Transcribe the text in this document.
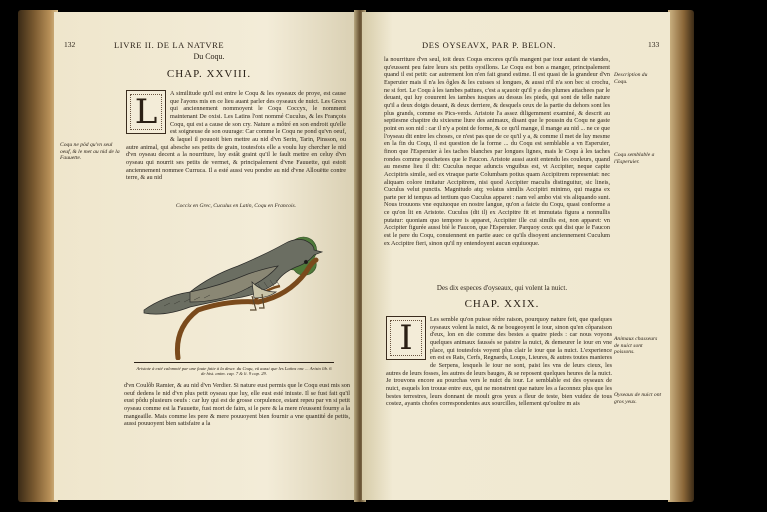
132	LIVRE II. DE LA NATVRE
Du Coqu.
CHAP. XXVIII.
L	A similitude qu'il est entre le Coqu & les oyseaux de proye, est cause que l'ayons mis en ce lieu auant parler des oyseaux de nuict. Les Grecs qui anciennement nommoyent le Coqu Coccyx, le nomment maintenant De oxisi. Les Latins l'ont nommé Cuculus, & les François Coqu, qui est a cause de son cry. Nature a môtré en son endroit qu'elle est soigneuse de son ouurage: Car comme le Coqu ne pond qu'vn oeuf, & laquel il pouuoit bien mettre au nid d'vn Serin, Tarin, Pinsson, ou autre animal, qui abesche ses petits de grain, toutesfois elle a voulu luy chercher le nid d'vn oyseau decent a la nourriture, luy estât graint qu'il le fault mettre en celuy d'vn oyseau qui nourrit ses petits de vermet, & principalement d'vne Fauuette, qui estoit anciennement nommee Curruca. Il a esté aussi veu pondre au nid d'vne Allouëtte contre terre, & au nid
Coqu ne pôd qu'vn seul oeuf, & le met au nid de la Fauuette.
Coccix en Grec, Cuculus en Latin, Coqu en Francois.
Aristote à esté calomnié par une faute faite à la descr. du Coqu, vû aussi que les Latins onc ... Aristo lib. 6 de hist. anim. cap. 7 & li. 9 cap. 29.
d'vn Coulôb Ramier, & au nid d'vn Verdier. Si nature eust permis que le Coqu eust mis son oeuf dedens le nid d'vn plus petit oyseau que luy, elle eust esté iniuste. Il se fust fait qu'il eust pôdu plusieurs oeufs : car luy qui est de grosse corpulence, estant repeu par vn si petit oyseau comme est la Fauuette, fust mort de faim, si le pere & la mere n'eussent fourny a la mangeaille. Mais comme les pere & mere pouuoyent bien fournir a vne quantité de petits, aussi pouuoyent bien satisfaire a la
DES OYSEAVX, PAR P. BELON.	133
la nourriture d'vn seul, ioit deux Coqus encores qu'ils mangent par iour autant de viandes, qu'eussent peu faire leurs six petits oysillons. Le Coqu est bon a manger, principalement quand il est petit: car autrement lon n'en fait grand estime. Il est quasi de la grandeur d'vn Esperuier mais il n'a les ôgles & les cuisses si longues, & aussi n'il n'a son bec si crochu, ne si fort. Le Coqu à les iambes pattues, c'est a sçauoir qu'il y a des plumes attachees par le deuant, qui luy couurent les iambes iusques au dessus les pieds, qui sont de telle nature qu'il a deux doigts deuant, & deux derriere, & desquels ceux de la partie du dehors sont les plus grands, comme es Pics-verds. Aristote l'a assez diligemment examiné, & descrit au septiesme chapitre du sixiesme liure des animaux, disant que le poussin du Coqu ne gaste point en son nid : car il n'y a point de forme, & ce qu'il mange, il mange au nid ... ne ce que l'oyseau dit entre les choses, ce n'est pas que de ce qu'il y a, & comme il met de luy mesme en la fin du Coqu, il est question de la forme ... du Coqu est semblable a vn Esperuier, finon que l'Esperuier à les taches blanches par longues lignes, mais le Coqu à les taches rondes comme pouchetees que le Faucon. Aristote aussi auoit entendu les couleurs, quand au mesme lieu il dit: Cuculus neque aduncis vnguibus est, vt Accipiter, neque capite Accipitris simile, sed ex vtraque parte Columbam potius quam Accipitrem representat: nec aliquam colore imitatur Accipitrem, nisi quod Accipiter maculis distinguitur, sic lineis, Cuculus velut punctis. Magnitudo atq; volatus similis Accipitri minimo, qui magna ex parte per id tempus ad tertium quo Cuculus apparet : nam vel ambo visi vis aliquando sunt. Nous trouuons vne equiuoque en nostre langue, qu'on a faicte du Coqu, quasi conforme a ce qu'on lit en Aristote. Cuculus (dit il) ex Accipitre fit et immutata figura a nonnullis putatur: quoniam quo tempore is apparet, Accipiter ille cui similis est, non apparet: vn Accipiter figurée aussi bié le Faucon, que l'Esperuier. Parquoy ceux qui dist que le Faucon est le pere du Coqu, conuiennent en partie auec ce qu'ils disoyent anciennement Cuculum ex Accipitre fieri, sinon qu'il ny entendoyent aucun equiuoque.
Description du Coqu.
Coqu semblable a l'Esperuier.
Des dix especes d'oyseaux, qui volent la nuict.
CHAP. XXIX.
I	Les semble qu'on puisse rédre raison, pourquoy nature feit, que quelques oyseaux volent la nuict, & ne bougeoyent le iour, sinon qu'en côparaison d'eux, lon en die comme des bestes a quatre pieds : car nous voyons quelques animaux faussés se paistre la nuict, & demeurer le iour en vne place, qui toutesfois voyent plus clair le iour que la nuict. L'experience en est es Rats, Cerfs, Regnards, Loups, Lieures, & autres toutes manieres de Serpens, lesquels le iour ne sont, paist les vns de leurs cieux, les autres de leurs fosses, les autres de leurs bauges, & se reposent quelques heures de la nuict. Je trouvons encore au pourchas vers le nuict du iour. Le semblable est des oyseaux de nuict, esquels lon trouue entre eux, qui ne monstrent que nature les a faconnez plus que les bestes terrestres, leurs donnant de moult gros yeux a fleur de teste, bien vuidez de tous costez, ayants chofes correspondentes aux sourcilles, tellement qu'oultre m ais
Animaux chasseurs de nuict sont poissons.
Oyseaux de nuict ont gros yeux.
